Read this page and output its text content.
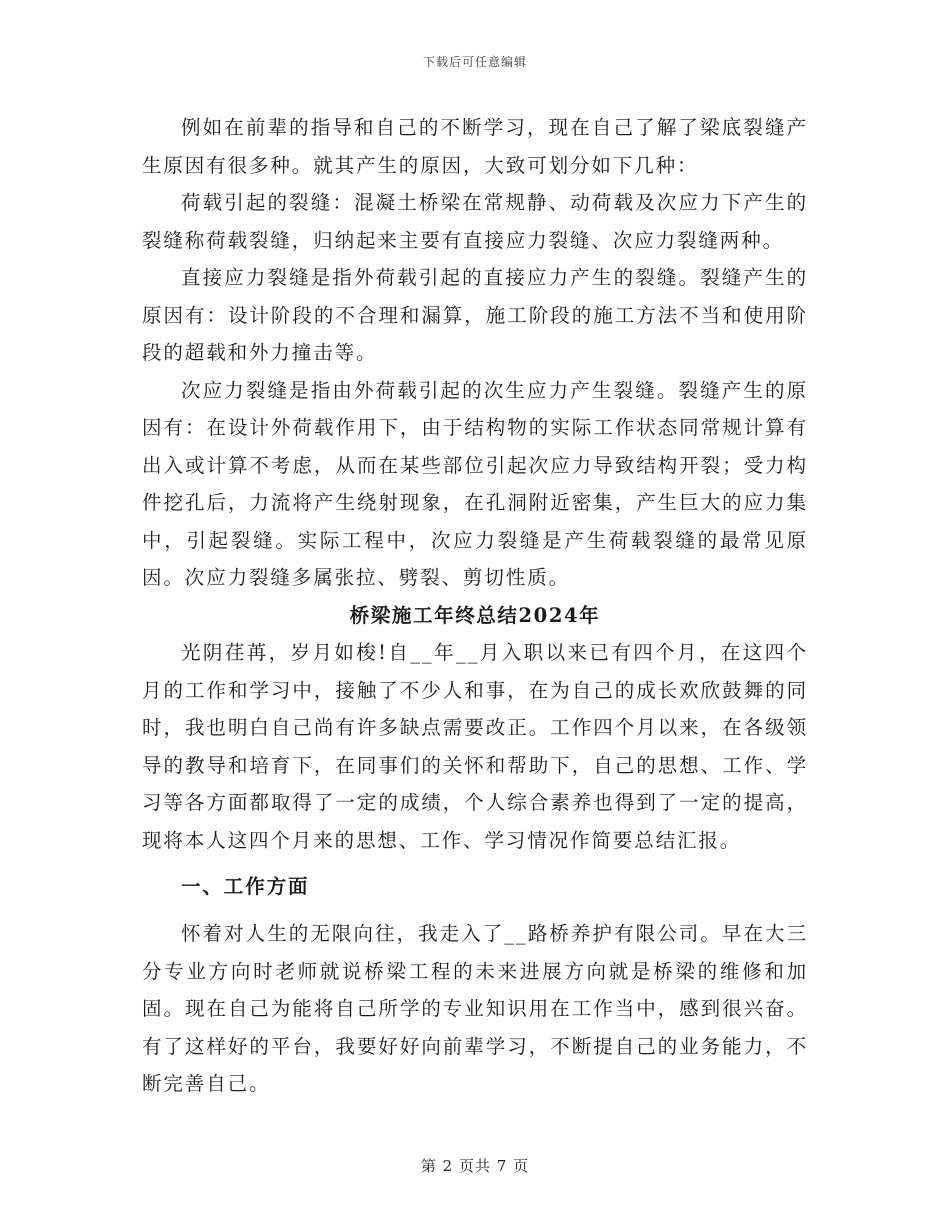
下载后可任意编辑

例如在前辈的指导和自己的不断学习，现在自己了解了梁底裂缝产生原因有很多种。就其产生的原因，大致可划分如下几种：

荷载引起的裂缝：混凝土桥梁在常规静、动荷载及次应力下产生的裂缝称荷载裂缝，归纳起来主要有直接应力裂缝、次应力裂缝两种。

直接应力裂缝是指外荷载引起的直接应力产生的裂缝。裂缝产生的原因有：设计阶段的不合理和漏算，施工阶段的施工方法不当和使用阶段的超载和外力撞击等。

次应力裂缝是指由外荷载引起的次生应力产生裂缝。裂缝产生的原因有：在设计外荷载作用下，由于结构物的实际工作状态同常规计算有出入或计算不考虑，从而在某些部位引起次应力导致结构开裂；受力构件挖孔后，力流将产生绕射现象，在孔洞附近密集，产生巨大的应力集中，引起裂缝。实际工程中，次应力裂缝是产生荷载裂缝的最常见原因。次应力裂缝多属张拉、劈裂、剪切性质。

桥梁施工年终总结2024年

光阴荏苒，岁月如梭!自__年__月入职以来已有四个月，在这四个月的工作和学习中，接触了不少人和事，在为自己的成长欢欣鼓舞的同时，我也明白自己尚有许多缺点需要改正。工作四个月以来，在各级领导的教导和培育下，在同事们的关怀和帮助下，自己的思想、工作、学习等各方面都取得了一定的成绩，个人综合素养也得到了一定的提高，现将本人这四个月来的思想、工作、学习情况作简要总结汇报。

一、工作方面

怀着对人生的无限向往，我走入了__路桥养护有限公司。早在大三分专业方向时老师就说桥梁工程的未来进展方向就是桥梁的维修和加固。现在自己为能将自己所学的专业知识用在工作当中，感到很兴奋。有了这样好的平台，我要好好向前辈学习，不断提自己的业务能力，不断完善自己。

第 2 页共 7 页
